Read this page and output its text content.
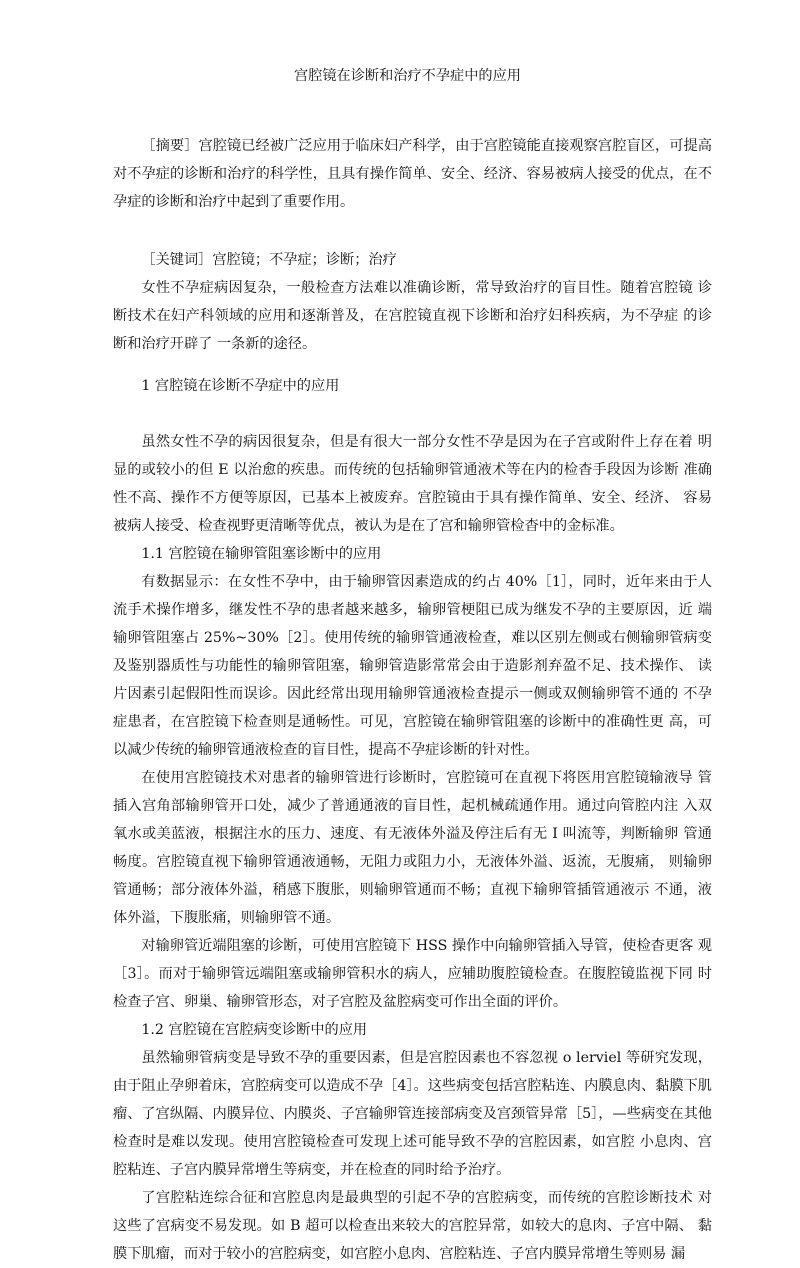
宫腔镜在诊断和治疗不孕症中的应用

［摘要］宫腔镜已经被广泛应用于临床妇产科学，由于宫腔镜能直接观察宫腔盲区，可提高对不孕症的诊断和治疗的科学性，且具有操作简单、安全、经济、容易被病人接受的优点，在不孕症的诊断和治疗中起到了重要作用。

［关键词］宫腔镜；不孕症；诊断；治疗

女性不孕症病因复杂，一般检查方法难以准确诊断，常导致治疗的盲目性。随着宫腔镜 诊断技术在妇产科领域的应用和逐渐普及，在宫腔镜直视下诊断和治疗妇科疾病，为不孕症 的诊断和治疗开辟了 一条新的途径。

1 宫腔镜在诊断不孕症中的应用

虽然女性不孕的病因很复杂，但是有很大一部分女性不孕是因为在子宫或附件上存在着 明显的或较小的但 E 以治愈的疾患。而传统的包括输卵管通液术等在内的检杳手段因为诊断 准确性不高、操作不方便等原因，已基本上被废弃。宫腔镜由于具有操作简单、安全、经济、 容易被病人接受、检查视野更清晰等优点，被认为是在了宫和输卵管检杳中的金标准。

1.1 宫腔镜在输卵管阻塞诊断中的应用

有数据显示：在女性不孕中，由于输卵管因素造成的约占 40%［1］，同时，近年来由于人流手术操作增多，继发性不孕的患者越来越多，输卵管梗阻已成为继发不孕的主要原因，近 端输卵管阻塞占 25%~30%［2］。使用传统的输卵管通液检查，难以区别左侧或右侧输卵管病变 及鉴别器质性与功能性的输卵管阻塞，输卵管造影常常会由于造影剂弃盈不足、技术操作、 读片因素引起假阳性而误诊。因此经常出现用输卵管通液检查提示一侧或双侧输卵管不通的 不孕症患者，在宫腔镜下检查则是通畅性。可见，宫腔镜在输卵管阻塞的诊断中的准确性更 高，可以减少传统的输卵管通液检查的盲目性，提高不孕症诊断的针对性。

在使用宫腔镜技术对患者的输卵管进行诊断时，宫腔镜可在直视下将医用宫腔镜输液导 管插入宫角部输卵管开口处，减少了普通通液的盲目性，起机械疏通作用。通过向管腔内注 入双氧水或美蓝液，根据注水的压力、速度、有无液体外溢及停注后有无 I 叫流等，判断输卵 管通畅度。宫腔镜直视下输卵管通液通畅，无阻力或阻力小，无液体外溢、返流，无腹痛， 则输卵管通畅；部分液体外溢，稍感下腹胀，则输卵管通而不畅；直视下输卵管插管通液示 不通，液体外溢，下腹胀痛，则输卵管不通。

对输卵管近端阻塞的诊断，可使用宫腔镜下 HSS 操作中向输卵管插入导管，使检杳更客 观［3］。而对于输卵管远端阻塞或输卵管积水的病人，应辅助腹腔镜检查。在腹腔镜监视下同 时检查子宫、卵巢、输卵管形态，对子宫腔及盆腔病变可作出全面的评价。

1.2 宫腔镜在宫腔病变诊断中的应用

虽然输卵管病变是导致不孕的重要因素，但是宫腔因素也不容忽视 o lerviel 等研究发现，由于阻止孕卵着床，宫腔病变可以造成不孕［4］。这些病变包括宫腔粘连、内膜息肉、黏膜下肌瘤、了宫纵隔、内膜异位、内膜炎、子宫输卵管连接部病变及宫颈管异常［5］，—些病变在其他检查时是难以发现。使用宫腔镜检查可发现上述可能导致不孕的宫腔因素，如宫腔 小息肉、宫腔粘连、子宫内膜异常增生等病变，并在检查的同时给予治疗。

了宫腔粘连综合征和宫腔息肉是最典型的引起不孕的宫腔病变，而传统的宫腔诊断技术 对这些了宫病变不易发现。如 B 超可以检查出来较大的宫腔异常，如较大的息肉、子宫中隔、 黏膜下肌瘤，而对于较小的宫腔病变，如宫腔小息肉、宫腔粘连、子宫内膜异常增生等则易 漏
